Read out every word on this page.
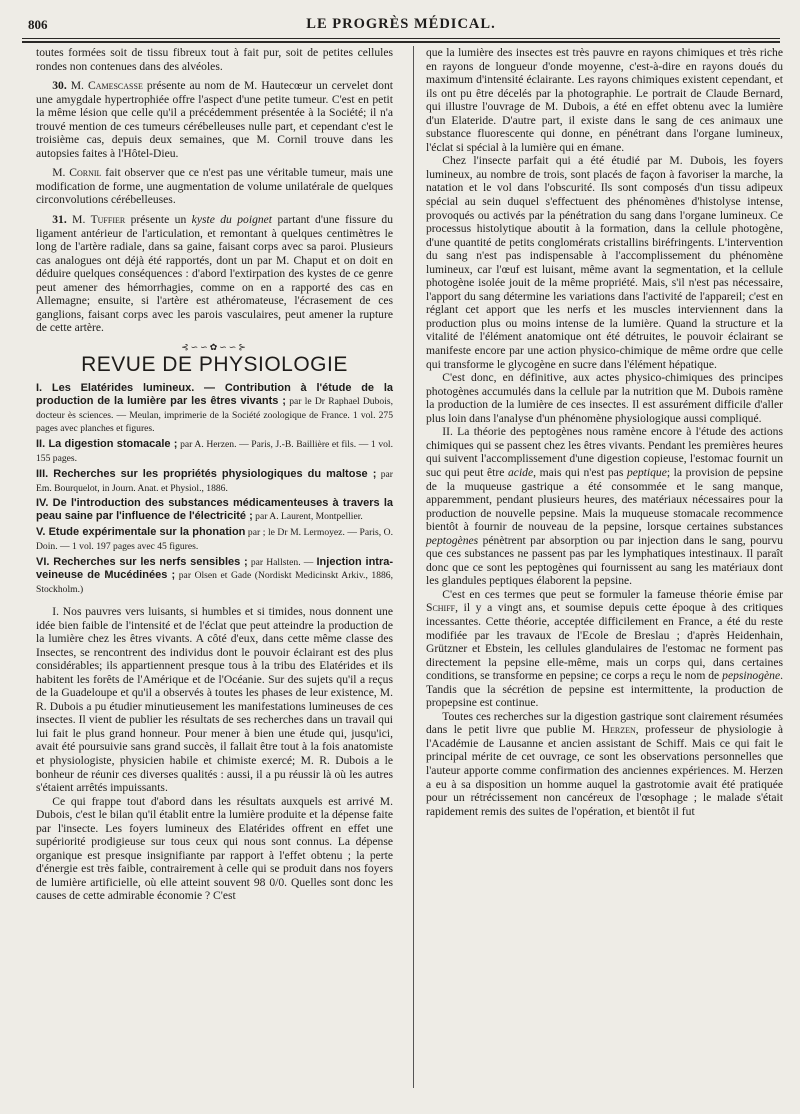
806	LE PROGRÈS MÉDICAL.

toutes formées soit de tissu fibreux tout à fait pur, soit de petites cellules rondes non contenues dans des alvéoles.

30. M. Camescasse présente au nom de M. Hautecœur un cervelet dont une amygdale hypertrophiée offre l'aspect d'une petite tumeur. C'est en petit la même lésion que celle qu'il a précédemment présentée à la Société; il n'a trouvé mention de ces tumeurs cérébelleuses nulle part, et cependant c'est le troisième cas, depuis deux semaines, que M. Cornil trouve dans les autopsies faites à l'Hôtel-Dieu.

M. Cornil fait observer que ce n'est pas une véritable tumeur, mais une modification de forme, une augmentation de volume unilatérale de quelques circonvolutions cérébelleuses.

31. M. Tuffier présente un kyste du poignet partant d'une fissure du ligament antérieur de l'articulation, et remontant à quelques centimètres le long de l'artère radiale, dans sa gaine, faisant corps avec sa paroi. Plusieurs cas analogues ont déjà été rapportés, dont un par M. Chaput et on doit en déduire quelques conséquences : d'abord l'extirpation des kystes de ce genre peut amener des hémorrhagies, comme on en a rapporté des cas en Allemagne; ensuite, si l'artère est athéromateuse, l'écrasement de ces ganglions, faisant corps avec les parois vasculaires, peut amener la rupture de cette artère.

⊰∽∽✿∽∽⊱
REVUE DE PHYSIOLOGIE

I. Les Elatérides lumineux. — Contribution à l'étude de la production de la lumière par les êtres vivants ; par le Dr Raphael Dubois, docteur ès sciences. — Meulan, imprimerie de la Société zoologique de France. 1 vol. 275 pages avec planches et figures.

II. La digestion stomacale ; par A. Herzen. — Paris, J.-B. Baillière et fils. — 1 vol. 155 pages.

III. Recherches sur les propriétés physiologiques du maltose ; par Em. Bourquelot, in Journ. Anat. et Physiol., 1886.

IV. De l'introduction des substances médicamenteuses à travers la peau saine par l'influence de l'électricité ; par A. Laurent, Montpellier.

V. Etude expérimentale sur la phonation par ; le Dr M. Lermoyez. — Paris, O. Doin. — 1 vol. 197 pages avec 45 figures.

VI. Recherches sur les nerfs sensibles ; par Hallsten. — Injection intra-veineuse de Mucédinées ; par Olsen et Gade (Nordiskt Medicinskt Arkiv., 1886, Stockholm.)

I. Nos pauvres vers luisants, si humbles et si timides, nous donnent une idée bien faible de l'intensité et de l'éclat que peut atteindre la production de la lumière chez les êtres vivants. A côté d'eux, dans cette même classe des Insectes, se rencontrent des individus dont le pouvoir éclairant est des plus considérables; ils appartiennent presque tous à la tribu des Elatérides et ils habitent les forêts de l'Amérique et de l'Océanie. Sur des sujets qu'il a reçus de la Guadeloupe et qu'il a observés à toutes les phases de leur existence, M. R. Dubois a pu étudier minutieusement les manifestations lumineuses de ces insectes. Il vient de publier les résultats de ses recherches dans un travail qui lui fait le plus grand honneur. Pour mener à bien une étude qui, jusqu'ici, avait été poursuivie sans grand succès, il fallait être tout à la fois anatomiste et physiologiste, physicien habile et chimiste exercé; M. R. Dubois a le bonheur de réunir ces diverses qualités : aussi, il a pu réussir là où les autres s'étaient arrêtés impuissants.

Ce qui frappe tout d'abord dans les résultats auxquels est arrivé M. Dubois, c'est le bilan qu'il établit entre la lumière produite et la dépense faite par l'insecte. Les foyers lumineux des Elatérides offrent en effet une supériorité prodigieuse sur tous ceux qui nous sont connus. La dépense organique est presque insignifiante par rapport à l'effet obtenu ; la perte d'énergie est très faible, contrairement à celle qui se produit dans nos foyers de lumière artificielle, où elle atteint souvent 98 0/0. Quelles sont donc les causes de cette admirable économie ? C'est

que la lumière des insectes est très pauvre en rayons chimiques et très riche en rayons de longueur d'onde moyenne, c'est-à-dire en rayons doués du maximum d'intensité éclairante. Les rayons chimiques existent cependant, et ils ont pu être décelés par la photographie. Le portrait de Claude Bernard, qui illustre l'ouvrage de M. Dubois, a été en effet obtenu avec la lumière d'un Elateride. D'autre part, il existe dans le sang de ces animaux une substance fluorescente qui donne, en pénétrant dans l'organe lumineux, l'éclat si spécial à la lumière qui en émane.

Chez l'insecte parfait qui a été étudié par M. Dubois, les foyers lumineux, au nombre de trois, sont placés de façon à favoriser la marche, la natation et le vol dans l'obscurité. Ils sont composés d'un tissu adipeux spécial au sein duquel s'effectuent des phénomènes d'histolyse intense, provoqués ou activés par la pénétration du sang dans l'organe lumineux. Ce processus histolytique aboutit à la formation, dans la cellule photogène, d'une quantité de petits conglomérats cristallins biréfringents. L'intervention du sang n'est pas indispensable à l'accomplissement du phénomène lumineux, car l'œuf est luisant, même avant la segmentation, et la cellule photogène isolée jouit de la même propriété. Mais, s'il n'est pas nécessaire, l'apport du sang détermine les variations dans l'activité de l'appareil; c'est en réglant cet apport que les nerfs et les muscles interviennent dans la production plus ou moins intense de la lumière. Quand la structure et la vitalité de l'élément anatomique ont été détruites, le pouvoir éclairant se manifeste encore par une action physico-chimique de même ordre que celle qui transforme le glycogène en sucre dans l'élément hépatique.

C'est donc, en définitive, aux actes physico-chimiques des principes photogènes accumulés dans la cellule par la nutrition que M. Dubois ramène la production de la lumière de ces insectes. Il est assurément difficile d'aller plus loin dans l'analyse d'un phénomène physiologique aussi compliqué.

II. La théorie des peptogènes nous ramène encore à l'étude des actions chimiques qui se passent chez les êtres vivants. Pendant les premières heures qui suivent l'accomplissement d'une digestion copieuse, l'estomac fournit un suc qui peut être acide, mais qui n'est pas peptique; la provision de pepsine de la muqueuse gastrique a été consommée et le sang manque, apparemment, pendant plusieurs heures, des matériaux nécessaires pour la production de nouvelle pepsine. Mais la muqueuse stomacale recommence bientôt à fournir de nouveau de la pepsine, lorsque certaines substances peptogènes pénètrent par absorption ou par injection dans le sang, pourvu que ces substances ne passent pas par les lymphatiques intestinaux. Il paraît donc que ce sont les peptogènes qui fournissent au sang les matériaux dont les glandules peptiques élaborent la pepsine.

C'est en ces termes que peut se formuler la fameuse théorie émise par Schiff, il y a vingt ans, et soumise depuis cette époque à des critiques incessantes. Cette théorie, acceptée difficilement en France, a été du reste modifiée par les travaux de l'Ecole de Breslau ; d'après Heidenhain, Grützner et Ebstein, les cellules glandulaires de l'estomac ne forment pas directement la pepsine elle-même, mais un corps qui, dans certaines conditions, se transforme en pepsine; ce corps a reçu le nom de pepsinogène. Tandis que la sécrétion de pepsine est intermittente, la production de propepsine est continue.

Toutes ces recherches sur la digestion gastrique sont clairement résumées dans le petit livre que publie M. Herzen, professeur de physiologie à l'Académie de Lausanne et ancien assistant de Schiff. Mais ce qui fait le principal mérite de cet ouvrage, ce sont les observations personnelles que l'auteur apporte comme confirmation des anciennes expériences. M. Herzen a eu à sa disposition un homme auquel la gastrotomie avait été pratiquée pour un rétrécissement non cancéreux de l'œsophage ; le malade s'était rapidement remis des suites de l'opération, et bientôt il fut
